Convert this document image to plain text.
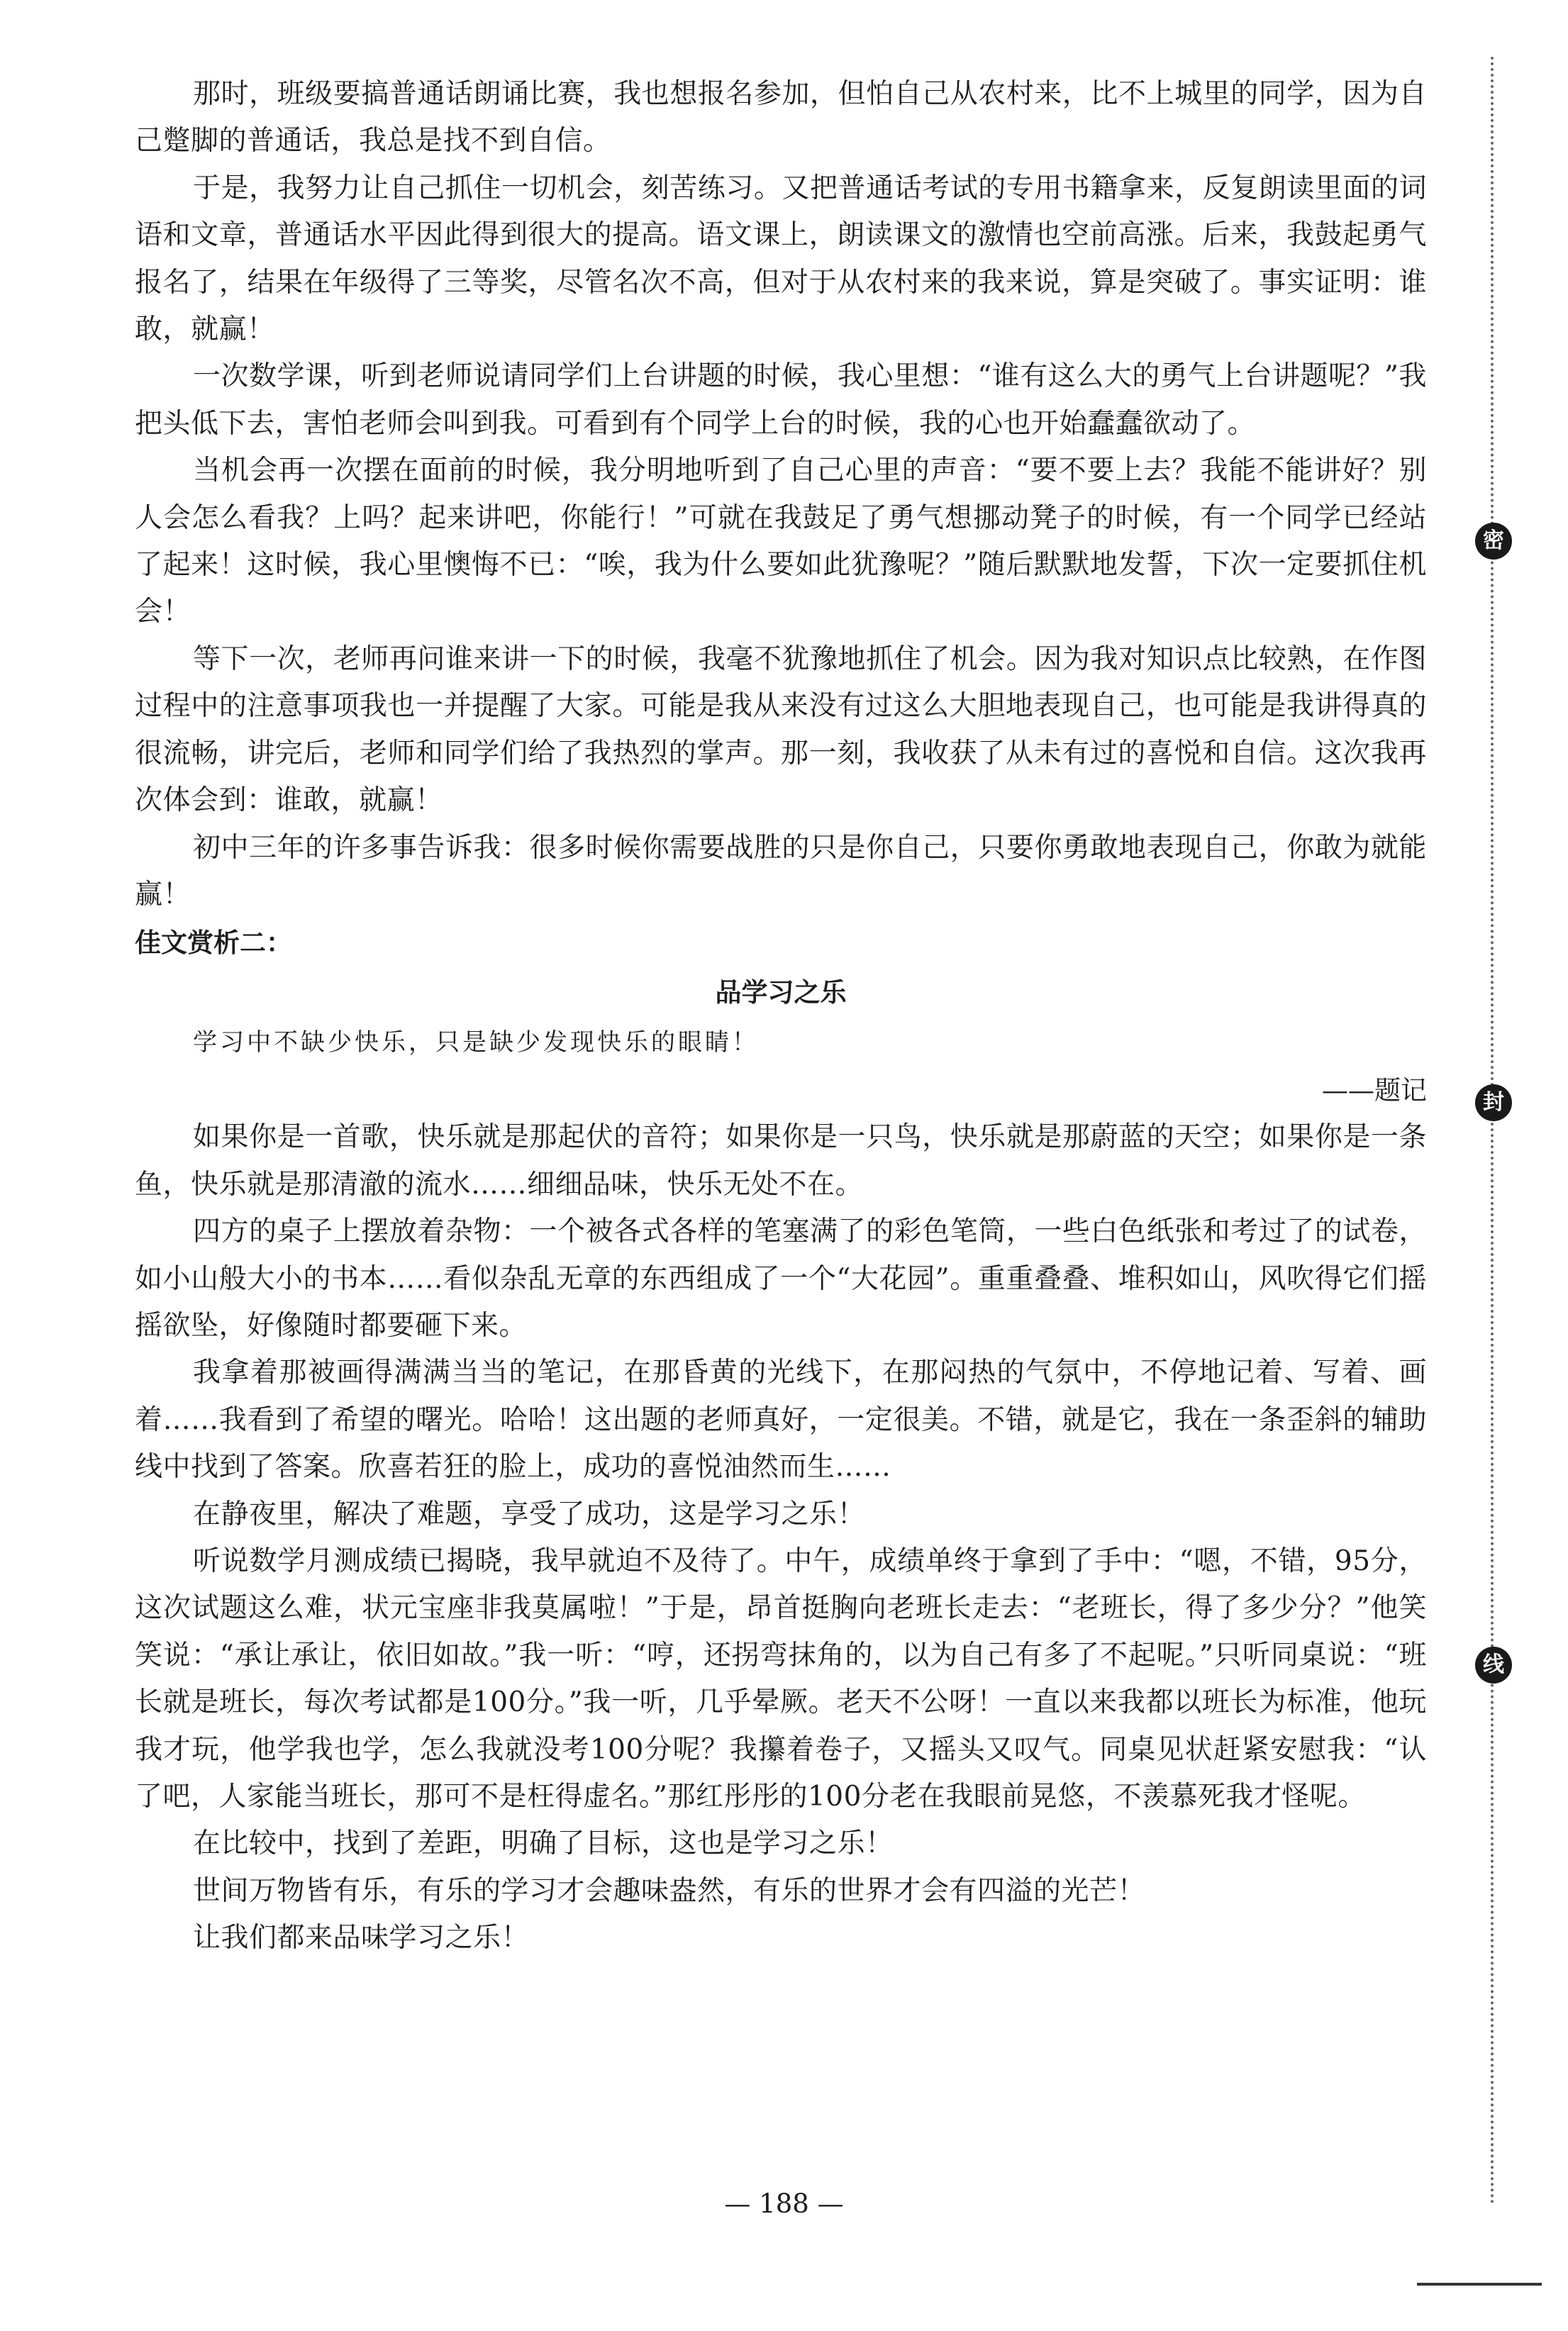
那时，班级要搞普通话朗诵比赛，我也想报名参加，但怕自己从农村来，比不上城里的同学，因为自己蹩脚的普通话，我总是找不到自信。

于是，我努力让自己抓住一切机会，刻苦练习。又把普通话考试的专用书籍拿来，反复朗读里面的词语和文章，普通话水平因此得到很大的提高。语文课上，朗读课文的激情也空前高涨。后来，我鼓起勇气报名了，结果在年级得了三等奖，尽管名次不高，但对于从农村来的我来说，算是突破了。事实证明：谁敢，就赢！

一次数学课，听到老师说请同学们上台讲题的时候，我心里想：“谁有这么大的勇气上台讲题呢？”我把头低下去，害怕老师会叫到我。可看到有个同学上台的时候，我的心也开始蠢蠢欲动了。

当机会再一次摆在面前的时候，我分明地听到了自己心里的声音：“要不要上去？我能不能讲好？别人会怎么看我？上吗？起来讲吧，你能行！”可就在我鼓足了勇气想挪动凳子的时候，有一个同学已经站了起来！这时候，我心里懊悔不已：“唉，我为什么要如此犹豫呢？”随后默默地发誓，下次一定要抓住机会！

等下一次，老师再问谁来讲一下的时候，我毫不犹豫地抓住了机会。因为我对知识点比较熟，在作图过程中的注意事项我也一并提醒了大家。可能是我从来没有过这么大胆地表现自己，也可能是我讲得真的很流畅，讲完后，老师和同学们给了我热烈的掌声。那一刻，我收获了从未有过的喜悦和自信。这次我再次体会到：谁敢，就赢！

初中三年的许多事告诉我：很多时候你需要战胜的只是你自己，只要你勇敢地表现自己，你敢为就能赢！

佳文赏析二：

品学习之乐

学习中不缺少快乐，只是缺少发现快乐的眼睛！

——题记

如果你是一首歌，快乐就是那起伏的音符；如果你是一只鸟，快乐就是那蔚蓝的天空；如果你是一条鱼，快乐就是那清澈的流水……细细品味，快乐无处不在。

四方的桌子上摆放着杂物：一个被各式各样的笔塞满了的彩色笔筒，一些白色纸张和考过了的试卷，如小山般大小的书本……看似杂乱无章的东西组成了一个“大花园”。重重叠叠、堆积如山，风吹得它们摇摇欲坠，好像随时都要砸下来。

我拿着那被画得满满当当的笔记，在那昏黄的光线下，在那闷热的气氛中，不停地记着、写着、画着……我看到了希望的曙光。哈哈！这出题的老师真好，一定很美。不错，就是它，我在一条歪斜的辅助线中找到了答案。欣喜若狂的脸上，成功的喜悦油然而生……

在静夜里，解决了难题，享受了成功，这是学习之乐！

听说数学月测成绩已揭晓，我早就迫不及待了。中午，成绩单终于拿到了手中：“嗯，不错，95分，这次试题这么难，状元宝座非我莫属啦！”于是，昂首挺胸向老班长走去：“老班长，得了多少分？”他笑笑说：“承让承让，依旧如故。”我一听：“哼，还拐弯抹角的，以为自己有多了不起呢。”只听同桌说：“班长就是班长，每次考试都是100分。”我一听，几乎晕厥。老天不公呀！一直以来我都以班长为标准，他玩我才玩，他学我也学，怎么我就没考100分呢？我攥着卷子，又摇头又叹气。同桌见状赶紧安慰我：“认了吧，人家能当班长，那可不是枉得虚名。”那红彤彤的100分老在我眼前晃悠，不羡慕死我才怪呢。

在比较中，找到了差距，明确了目标，这也是学习之乐！

世间万物皆有乐，有乐的学习才会趣味盎然，有乐的世界才会有四溢的光芒！

让我们都来品味学习之乐！

— 188 —
密
封
线
